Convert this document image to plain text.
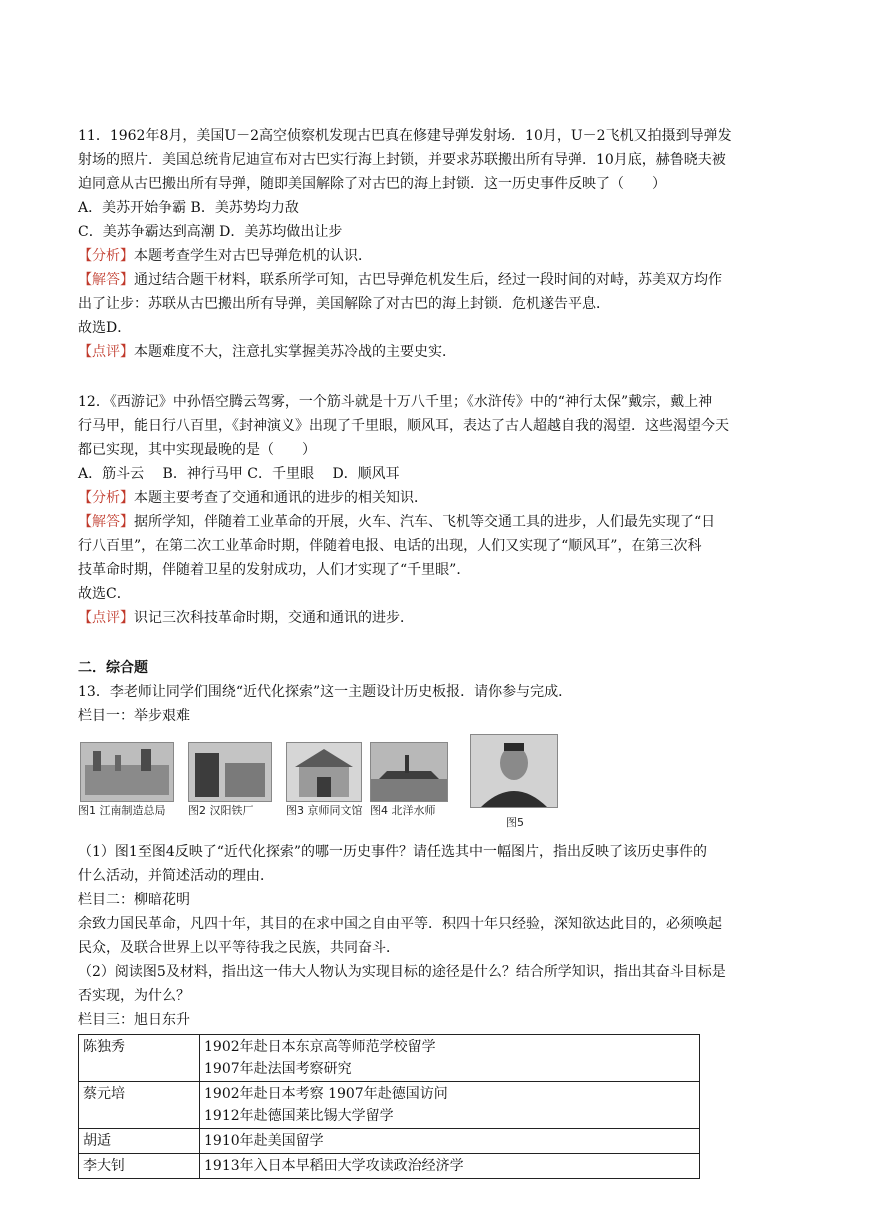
11．1962年8月，美国U－2高空侦察机发现古巴真在修建导弹发射场．10月，U－2飞机又拍摄到导弹发

射场的照片．美国总统肯尼迪宣布对古巴实行海上封锁，并要求苏联搬出所有导弹．10月底，赫鲁晓夫被

迫同意从古巴搬出所有导弹，随即美国解除了对古巴的海上封锁．这一历史事件反映了（　　）

A．美苏开始争霸 B．美苏势均力敌

C．美苏争霸达到高潮 D．美苏均做出让步

【分析】本题考查学生对古巴导弹危机的认识．

【解答】通过结合题干材料，联系所学可知，古巴导弹危机发生后，经过一段时间的对峙，苏美双方均作

出了让步：苏联从古巴搬出所有导弹，美国解除了对古巴的海上封锁．危机遂告平息．

故选D．

【点评】本题难度不大，注意扎实掌握美苏冷战的主要史实．

12．《西游记》中孙悟空腾云驾雾，一个筋斗就是十万八千里；《水浒传》中的“神行太保”戴宗，戴上神

行马甲，能日行八百里，《封神演义》出现了千里眼，顺风耳，表达了古人超越自我的渴望．这些渴望今天

都已实现，其中实现最晚的是（　　）

A．筋斗云　 B．神行马甲 C．千里眼　 D．顺风耳

【分析】本题主要考查了交通和通讯的进步的相关知识．

【解答】据所学知，伴随着工业革命的开展，火车、汽车、飞机等交通工具的进步，人们最先实现了“日

行八百里”，在第二次工业革命时期，伴随着电报、电话的出现，人们又实现了“顺风耳”，在第三次科

技革命时期，伴随着卫星的发射成功，人们才实现了“千里眼”．

故选C．

【点评】识记三次科技革命时期，交通和通讯的进步．

二．综合题

13．李老师让同学们围绕“近代化探索”这一主题设计历史板报．请你参与完成．

栏目一：举步艰难

图1 江南制造总局 图2 汉阳铁厂	图3 京师同文馆 图4 北洋水师
图5

（1）图1至图4反映了“近代化探索”的哪一历史事件？请任选其中一幅图片，指出反映了该历史事件的

什么活动，并简述活动的理由．

栏目二：柳暗花明

余致力国民革命，凡四十年，其目的在求中国之自由平等．积四十年只经验，深知欲达此目的，必须唤起

民众，及联合世界上以平等待我之民族，共同奋斗．

（2）阅读图5及材料，指出这一伟大人物认为实现目标的途径是什么？结合所学知识，指出其奋斗目标是

否实现，为什么？

栏目三：旭日东升

陈独秀	1902年赴日本东京高等师范学校留学
1907年赴法国考察研究

蔡元培	1902年赴日本考察 1907年赴德国访问
1912年赴德国莱比锡大学留学

胡适	1910年赴美国留学

李大钊	1913年入日本早稻田大学攻读政治经济学
